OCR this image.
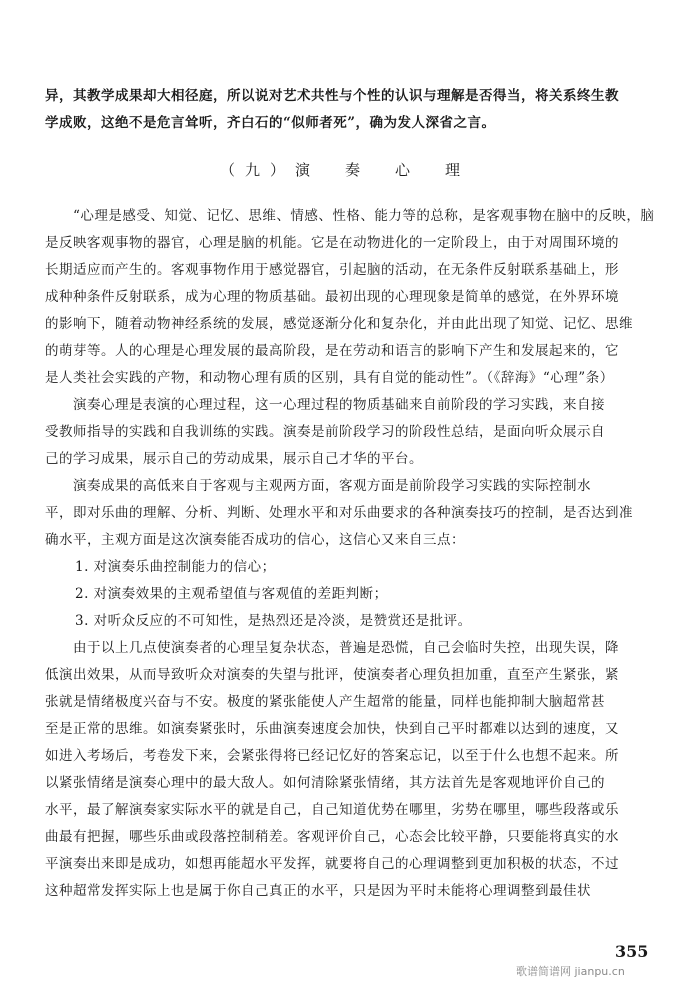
异，其教学成果却大相径庭，所以说对艺术共性与个性的认识与理解是否得当，将关系终生教
学成败，这绝不是危言耸听，齐白石的“似师者死”，确为发人深省之言。
（九）演　奏　心　理
“心理是感受、知觉、记忆、思维、情感、性格、能力等的总称，是客观事物在脑中的反映，脑
是反映客观事物的器官，心理是脑的机能。它是在动物进化的一定阶段上，由于对周围环境的
长期适应而产生的。客观事物作用于感觉器官，引起脑的活动，在无条件反射联系基础上，形
成种种条件反射联系，成为心理的物质基础。最初出现的心理现象是简单的感觉，在外界环境
的影响下，随着动物神经系统的发展，感觉逐渐分化和复杂化，并由此出现了知觉、记忆、思维
的萌芽等。人的心理是心理发展的最高阶段，是在劳动和语言的影响下产生和发展起来的，它
是人类社会实践的产物，和动物心理有质的区别，具有自觉的能动性”。（《辞海》“心理”条）
演奏心理是表演的心理过程，这一心理过程的物质基础来自前阶段的学习实践，来自接
受教师指导的实践和自我训练的实践。演奏是前阶段学习的阶段性总结，是面向听众展示自
己的学习成果，展示自己的劳动成果，展示自己才华的平台。
演奏成果的高低来自于客观与主观两方面，客观方面是前阶段学习实践的实际控制水
平，即对乐曲的理解、分析、判断、处理水平和对乐曲要求的各种演奏技巧的控制，是否达到准
确水平，主观方面是这次演奏能否成功的信心，这信心又来自三点：
1. 对演奏乐曲控制能力的信心；
2. 对演奏效果的主观希望值与客观值的差距判断；
3. 对听众反应的不可知性，是热烈还是冷淡，是赞赏还是批评。
由于以上几点使演奏者的心理呈复杂状态，普遍是恐慌，自己会临时失控，出现失误，降
低演出效果，从而导致听众对演奏的失望与批评，使演奏者心理负担加重，直至产生紧张，紧
张就是情绪极度兴奋与不安。极度的紧张能使人产生超常的能量，同样也能抑制大脑超常甚
至是正常的思维。如演奏紧张时，乐曲演奏速度会加快，快到自己平时都难以达到的速度，又
如进入考场后，考卷发下来，会紧张得将已经记忆好的答案忘记，以至于什么也想不起来。所
以紧张情绪是演奏心理中的最大敌人。如何清除紧张情绪，其方法首先是客观地评价自己的
水平，最了解演奏家实际水平的就是自己，自己知道优势在哪里，劣势在哪里，哪些段落或乐
曲最有把握，哪些乐曲或段落控制稍差。客观评价自己，心态会比较平静，只要能将真实的水
平演奏出来即是成功，如想再能超水平发挥，就要将自己的心理调整到更加积极的状态，不过
这种超常发挥实际上也是属于你自己真正的水平，只是因为平时未能将心理调整到最佳状
355
歌谱简谱网 jianpu.cn
